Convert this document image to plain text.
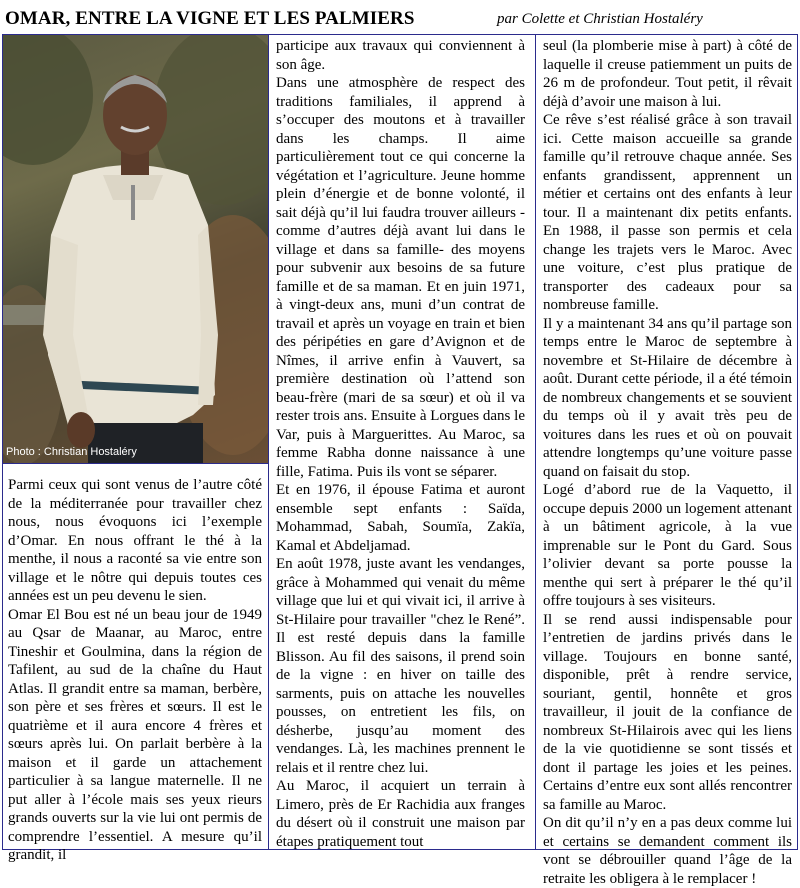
OMAR, ENTRE LA VIGNE ET LES PALMIERS	par Colette et Christian Hostaléry
Photo : Christian Hostaléry

Parmi ceux qui sont venus de l’autre côté de la méditerranée pour travailler chez nous, nous évoquons ici l’exemple d’Omar. En nous offrant le thé à la menthe, il nous a raconté sa vie entre son village et le nôtre qui depuis toutes ces années est un peu devenu le sien.

Omar El Bou est né un beau jour de 1949 au Qsar de Maanar, au Maroc, entre Tineshir et Goulmina, dans la région de Tafilent, au sud de la chaîne du Haut Atlas. Il grandit entre sa maman, berbère, son père et ses frères et sœurs. Il est le quatrième et il aura encore 4 frères et sœurs après lui. On parlait berbère à la maison et il garde un attachement particulier à sa langue maternelle. Il ne put aller à l’école mais ses yeux rieurs grands ouverts sur la vie lui ont permis de comprendre l’essentiel. A mesure qu’il grandit, il

participe aux travaux qui conviennent à son âge.

Dans une atmosphère de respect des traditions familiales, il apprend à s’occuper des moutons et à travailler dans les champs. Il aime particulièrement tout ce qui concerne la végétation et l’agriculture. Jeune homme plein d’énergie et de bonne volonté, il sait déjà qu’il lui faudra trouver ailleurs -comme d’autres déjà avant lui dans le village et dans sa famille- des moyens pour subvenir aux besoins de sa future famille et de sa maman. Et en juin 1971, à vingt-deux ans, muni d’un contrat de travail et après un voyage en train et bien des péripéties en gare d’Avignon et de Nîmes, il arrive enfin à Vauvert, sa première destination où l’attend son beau-frère (mari de sa sœur) et où il va rester trois ans. Ensuite à Lorgues dans le Var, puis à Marguerittes. Au Maroc, sa femme Rabha donne naissance à une fille, Fatima. Puis ils vont se séparer.

Et en 1976, il épouse Fatima et auront ensemble sept enfants : Saïda, Mohammad, Sabah, Soumïa, Zakïa, Kamal et Abdeljamad.

En août 1978, juste avant les vendanges, grâce à Mohammed qui venait du même village que lui et qui vivait ici, il arrive à St-Hilaire pour travailler "chez le René”. Il est resté depuis dans la famille Blisson. Au fil des saisons, il prend soin de la vigne : en hiver on taille des sarments, puis on attache les nouvelles pousses, on entretient les fils, on désherbe, jusqu’au moment des vendanges. Là, les machines prennent le relais et il rentre chez lui.

Au Maroc, il acquiert un terrain à Limero, près de Er Rachidia aux franges du désert où il construit une maison par étapes pratiquement tout

seul (la plomberie mise à part) à côté de laquelle il creuse patiemment un puits de 26 m de profondeur. Tout petit, il rêvait déjà d’avoir une maison à lui.

Ce rêve s’est réalisé grâce à son travail ici. Cette maison accueille sa grande famille qu’il retrouve chaque année. Ses enfants grandissent, apprennent un métier et certains ont des enfants à leur tour. Il a maintenant dix petits enfants. En 1988, il passe son permis et cela change les trajets vers le Maroc. Avec une voiture, c’est plus pratique de transporter des cadeaux pour sa nombreuse famille.

Il y a maintenant 34 ans qu’il partage son temps entre le Maroc de septembre à novembre et St-Hilaire de décembre à août. Durant cette période, il a été témoin de nombreux changements et se souvient du temps où il y avait très peu de voitures dans les rues et où on pouvait attendre longtemps qu’une voiture passe quand on faisait du stop.

Logé d’abord rue de la Vaquetto, il occupe depuis 2000 un logement attenant à un bâtiment agricole, à la vue imprenable sur le Pont du Gard. Sous l’olivier devant sa porte pousse la menthe qui sert à préparer le thé qu’il offre toujours à ses visiteurs.

Il se rend aussi indispensable pour l’entretien de jardins privés dans le village. Toujours en bonne santé, disponible, prêt à rendre service, souriant, gentil, honnête et gros travailleur, il jouit de la confiance de nombreux St-Hilairois avec qui les liens de la vie quotidienne se sont tissés et dont il partage les joies et les peines. Certains d’entre eux sont allés rencontrer sa famille au Maroc.

On dit qu’il n’y en a pas deux comme lui et certains se demandent comment ils vont se débrouiller quand l’âge de la retraite les obligera à le remplacer !
